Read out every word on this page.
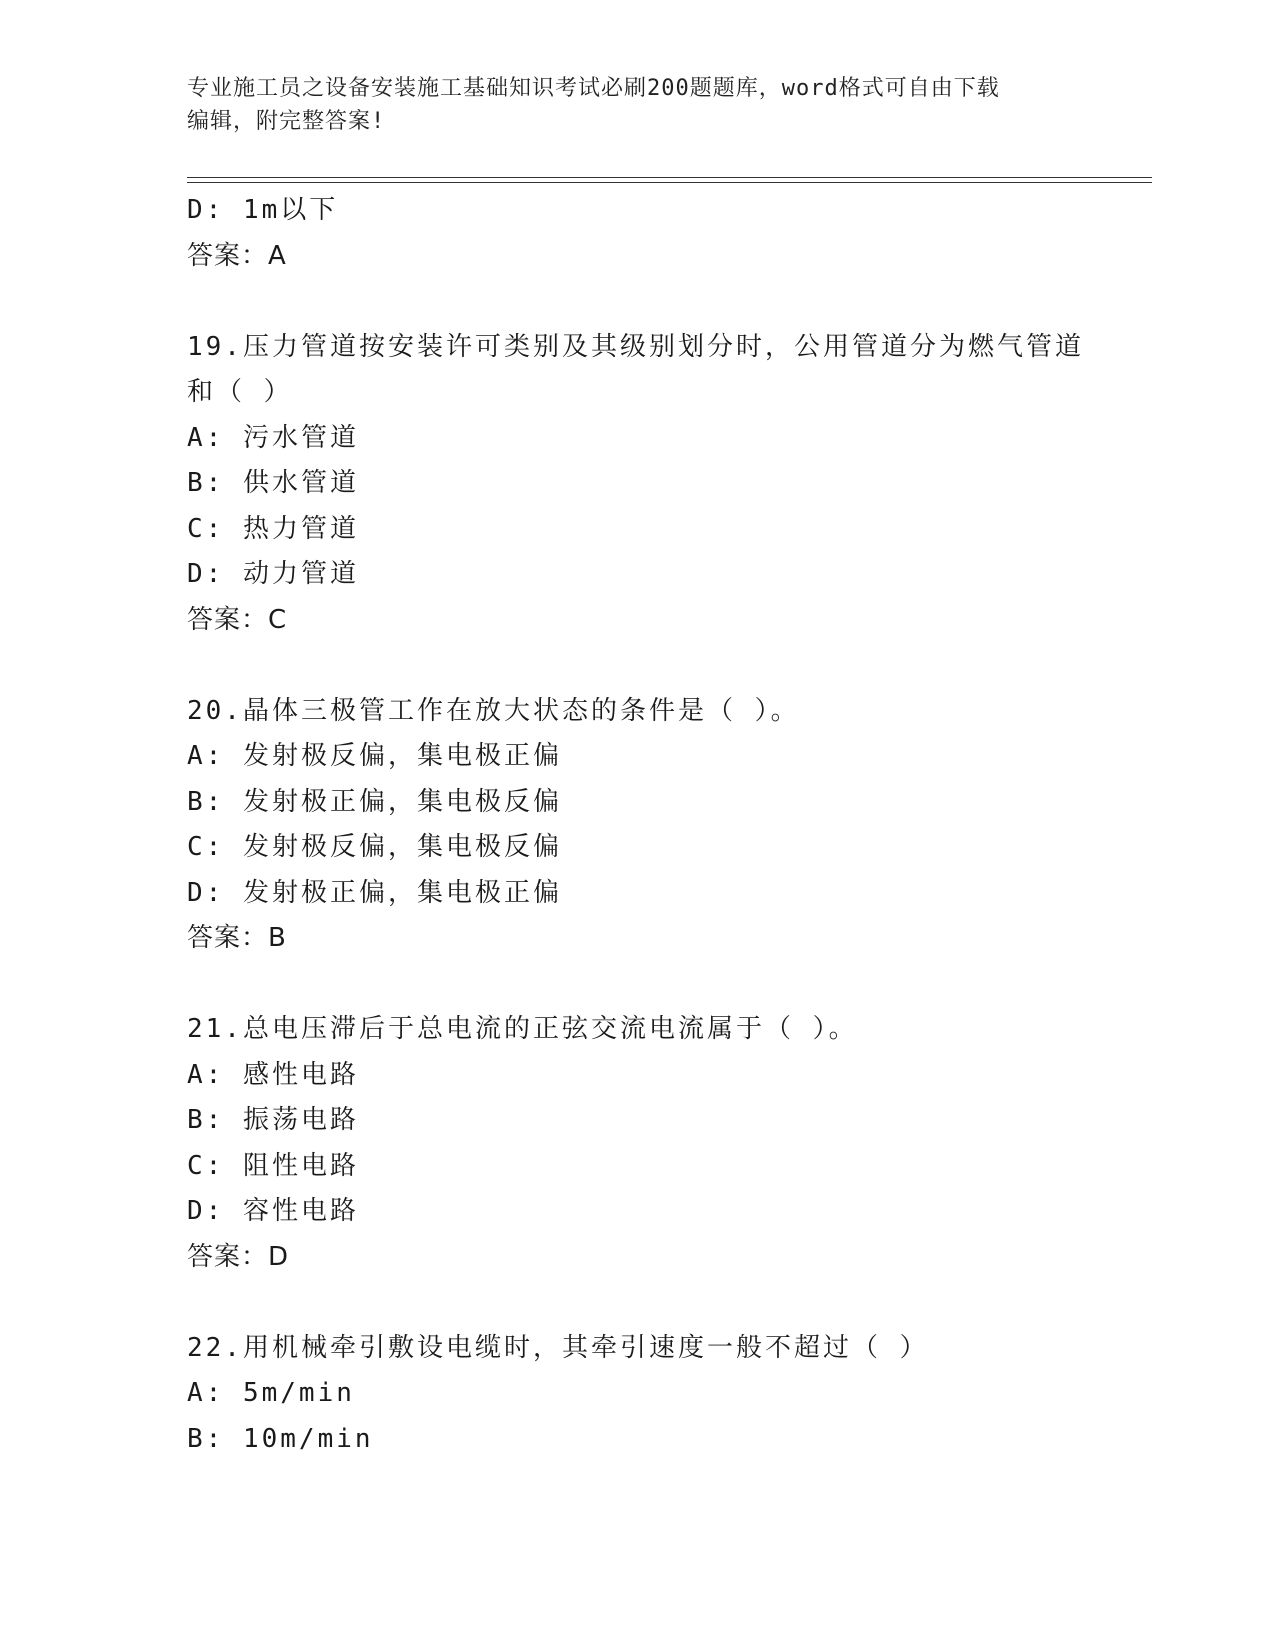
专业施工员之设备安装施工基础知识考试必刷200题题库，word格式可自由下载
编辑，附完整答案!
D: 1m以下
答案：A
19.压力管道按安装许可类别及其级别划分时，公用管道分为燃气管道
和（ ）
A: 污水管道
B: 供水管道
C: 热力管道
D: 动力管道
答案：C
20.晶体三极管工作在放大状态的条件是（ ）。
A: 发射极反偏，集电极正偏
B: 发射极正偏，集电极反偏
C: 发射极反偏，集电极反偏
D: 发射极正偏，集电极正偏
答案：B
21.总电压滞后于总电流的正弦交流电流属于（ ）。
A: 感性电路
B: 振荡电路
C: 阻性电路
D: 容性电路
答案：D
22.用机械牵引敷设电缆时，其牵引速度一般不超过（ ）
A: 5m/min
B: 10m/min
